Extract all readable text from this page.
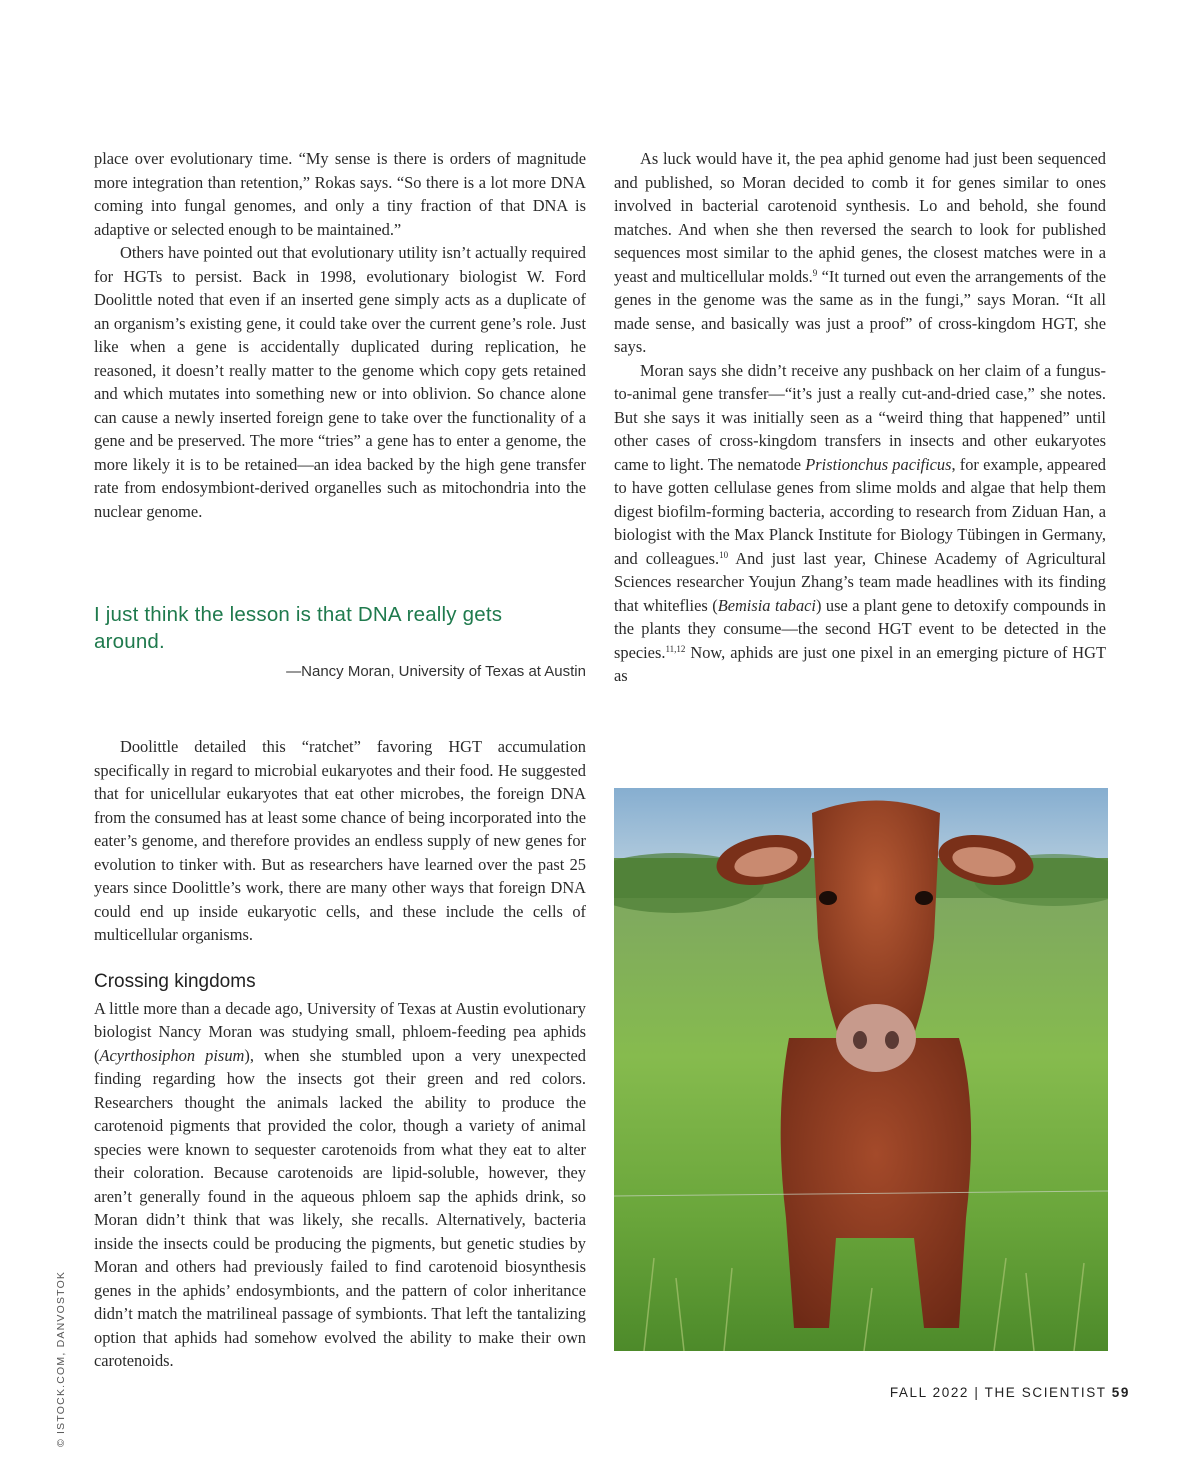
place over evolutionary time. “My sense is there is orders of magnitude more integration than retention,” Rokas says. “So there is a lot more DNA coming into fungal genomes, and only a tiny fraction of that DNA is adaptive or selected enough to be maintained.”

Others have pointed out that evolutionary utility isn’t actually required for HGTs to persist. Back in 1998, evolutionary biologist W. Ford Doolittle noted that even if an inserted gene simply acts as a duplicate of an organism’s existing gene, it could take over the current gene’s role. Just like when a gene is accidentally duplicated during replication, he reasoned, it doesn’t really matter to the genome which copy gets retained and which mutates into something new or into oblivion. So chance alone can cause a newly inserted foreign gene to take over the functionality of a gene and be preserved. The more “tries” a gene has to enter a genome, the more likely it is to be retained—an idea backed by the high gene transfer rate from endosymbiont-derived organelles such as mitochondria into the nuclear genome.

I just think the lesson is that DNA really gets around.
—Nancy Moran, University of Texas at Austin

Doolittle detailed this “ratchet” favoring HGT accumulation specifically in regard to microbial eukaryotes and their food. He suggested that for unicellular eukaryotes that eat other microbes, the foreign DNA from the consumed has at least some chance of being incorporated into the eater’s genome, and therefore provides an endless supply of new genes for evolution to tinker with. But as researchers have learned over the past 25 years since Doolittle’s work, there are many other ways that foreign DNA could end up inside eukaryotic cells, and these include the cells of multicellular organisms.

Crossing kingdoms

A little more than a decade ago, University of Texas at Austin evolutionary biologist Nancy Moran was studying small, phloem-feeding pea aphids (Acyrthosiphon pisum), when she stumbled upon a very unexpected finding regarding how the insects got their green and red colors. Researchers thought the animals lacked the ability to produce the carotenoid pigments that provided the color, though a variety of animal species were known to sequester carotenoids from what they eat to alter their coloration. Because carotenoids are lipid-soluble, however, they aren’t generally found in the aqueous phloem sap the aphids drink, so Moran didn’t think that was likely, she recalls. Alternatively, bacteria inside the insects could be producing the pigments, but genetic studies by Moran and others had previously failed to find carotenoid biosynthesis genes in the aphids’ endosymbionts, and the pattern of color inheritance didn’t match the matrilineal passage of symbionts. That left the tantalizing option that aphids had somehow evolved the ability to make their own carotenoids.

As luck would have it, the pea aphid genome had just been sequenced and published, so Moran decided to comb it for genes similar to ones involved in bacterial carotenoid synthesis. Lo and behold, she found matches. And when she then reversed the search to look for published sequences most similar to the aphid genes, the closest matches were in a yeast and multicellular molds.$^9$ “It turned out even the arrangements of the genes in the genome was the same as in the fungi,” says Moran. “It all made sense, and basically was just a proof” of cross-kingdom HGT, she says.

Moran says she didn’t receive any pushback on her claim of a fungus-to-animal gene transfer—“it’s just a really cut-and-dried case,” she notes. But she says it was initially seen as a “weird thing that happened” until other cases of cross-kingdom transfers in insects and other eukaryotes came to light. The nematode Pristionchus pacificus, for example, appeared to have gotten cellulase genes from slime molds and algae that help them digest biofilm-forming bacteria, according to research from Ziduan Han, a biologist with the Max Planck Institute for Biology Tübingen in Germany, and colleagues.$^{10}$ And just last year, Chinese Academy of Agricultural Sciences researcher Youjun Zhang’s team made headlines with its finding that whiteflies (Bemisia tabaci) use a plant gene to detoxify compounds in the plants they consume—the second HGT event to be detected in the species.$^{11,12}$ Now, aphids are just one pixel in an emerging picture of HGT as

© ISTOCK.COM, DANVOSTOK	FALL 2022 | THE SCIENTIST 59
